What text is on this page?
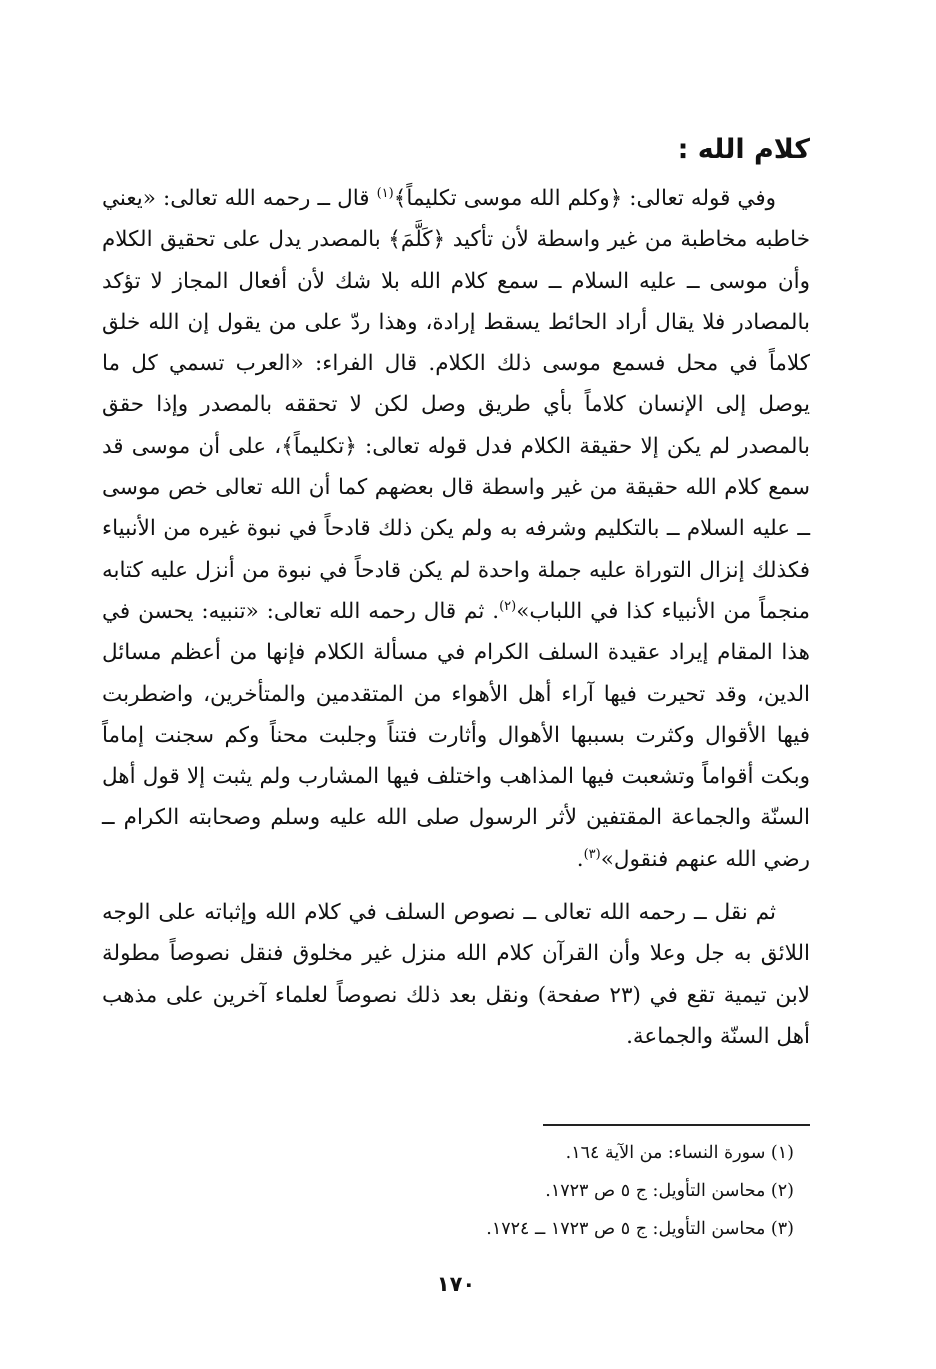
كلام الله :

وفي قوله تعالى: ﴿وكلم الله موسى تكليماً﴾$^{(١)}$ قال ــ رحمه الله تعالى: «يعني خاطبه مخاطبة من غير واسطة لأن تأكيد ﴿كَلَّمَ﴾ بالمصدر يدل على تحقيق الكلام وأن موسى ــ عليه السلام ــ سمع كلام الله بلا شك لأن أفعال المجاز لا تؤكد بالمصادر فلا يقال أراد الحائط يسقط إرادة، وهذا ردّ على من يقول إن الله خلق كلاماً في محل فسمع موسى ذلك الكلام. قال الفراء: «العرب تسمي كل ما يوصل إلى الإنسان كلاماً بأي طريق وصل لكن لا تحققه بالمصدر وإذا حقق بالمصدر لم يكن إلا حقيقة الكلام فدل قوله تعالى: ﴿تكليماً﴾، على أن موسى قد سمع كلام الله حقيقة من غير واسطة قال بعضهم كما أن الله تعالى خص موسى ــ عليه السلام ــ بالتكليم وشرفه به ولم يكن ذلك قادحاً في نبوة غيره من الأنبياء فكذلك إنزال التوراة عليه جملة واحدة لم يكن قادحاً في نبوة من أنزل عليه كتابه منجماً من الأنبياء كذا في اللباب»$^{(٢)}$. ثم قال رحمه الله تعالى: «تنبيه: يحسن في هذا المقام إيراد عقيدة السلف الكرام في مسألة الكلام فإنها من أعظم مسائل الدين، وقد تحيرت فيها آراء أهل الأهواء من المتقدمين والمتأخرين، واضطربت فيها الأقوال وكثرت بسببها الأهوال وأثارت فتناً وجلبت محناً وكم سجنت إماماً وبكت أقواماً وتشعبت فيها المذاهب واختلف فيها المشارب ولم يثبت إلا قول أهل السنّة والجماعة المقتفين لأثر الرسول صلى الله عليه وسلم وصحابته الكرام ــ رضي الله عنهم فنقول»$^{(٣)}$.

ثم نقل ــ رحمه الله تعالى ــ نصوص السلف في كلام الله وإثباته على الوجه اللائق به جل وعلا وأن القرآن كلام الله منزل غير مخلوق فنقل نصوصاً مطولة لابن تيمية تقع في (٢٣ صفحة) ونقل بعد ذلك نصوصاً لعلماء آخرين على مذهب أهل السنّة والجماعة.

(١) سورة النساء: من الآية ١٦٤.

(٢) محاسن التأويل: ج ٥ ص ١٧٢٣.

(٣) محاسن التأويل: ج ٥ ص ١٧٢٣ ــ ١٧٢٤.

١٧٠
